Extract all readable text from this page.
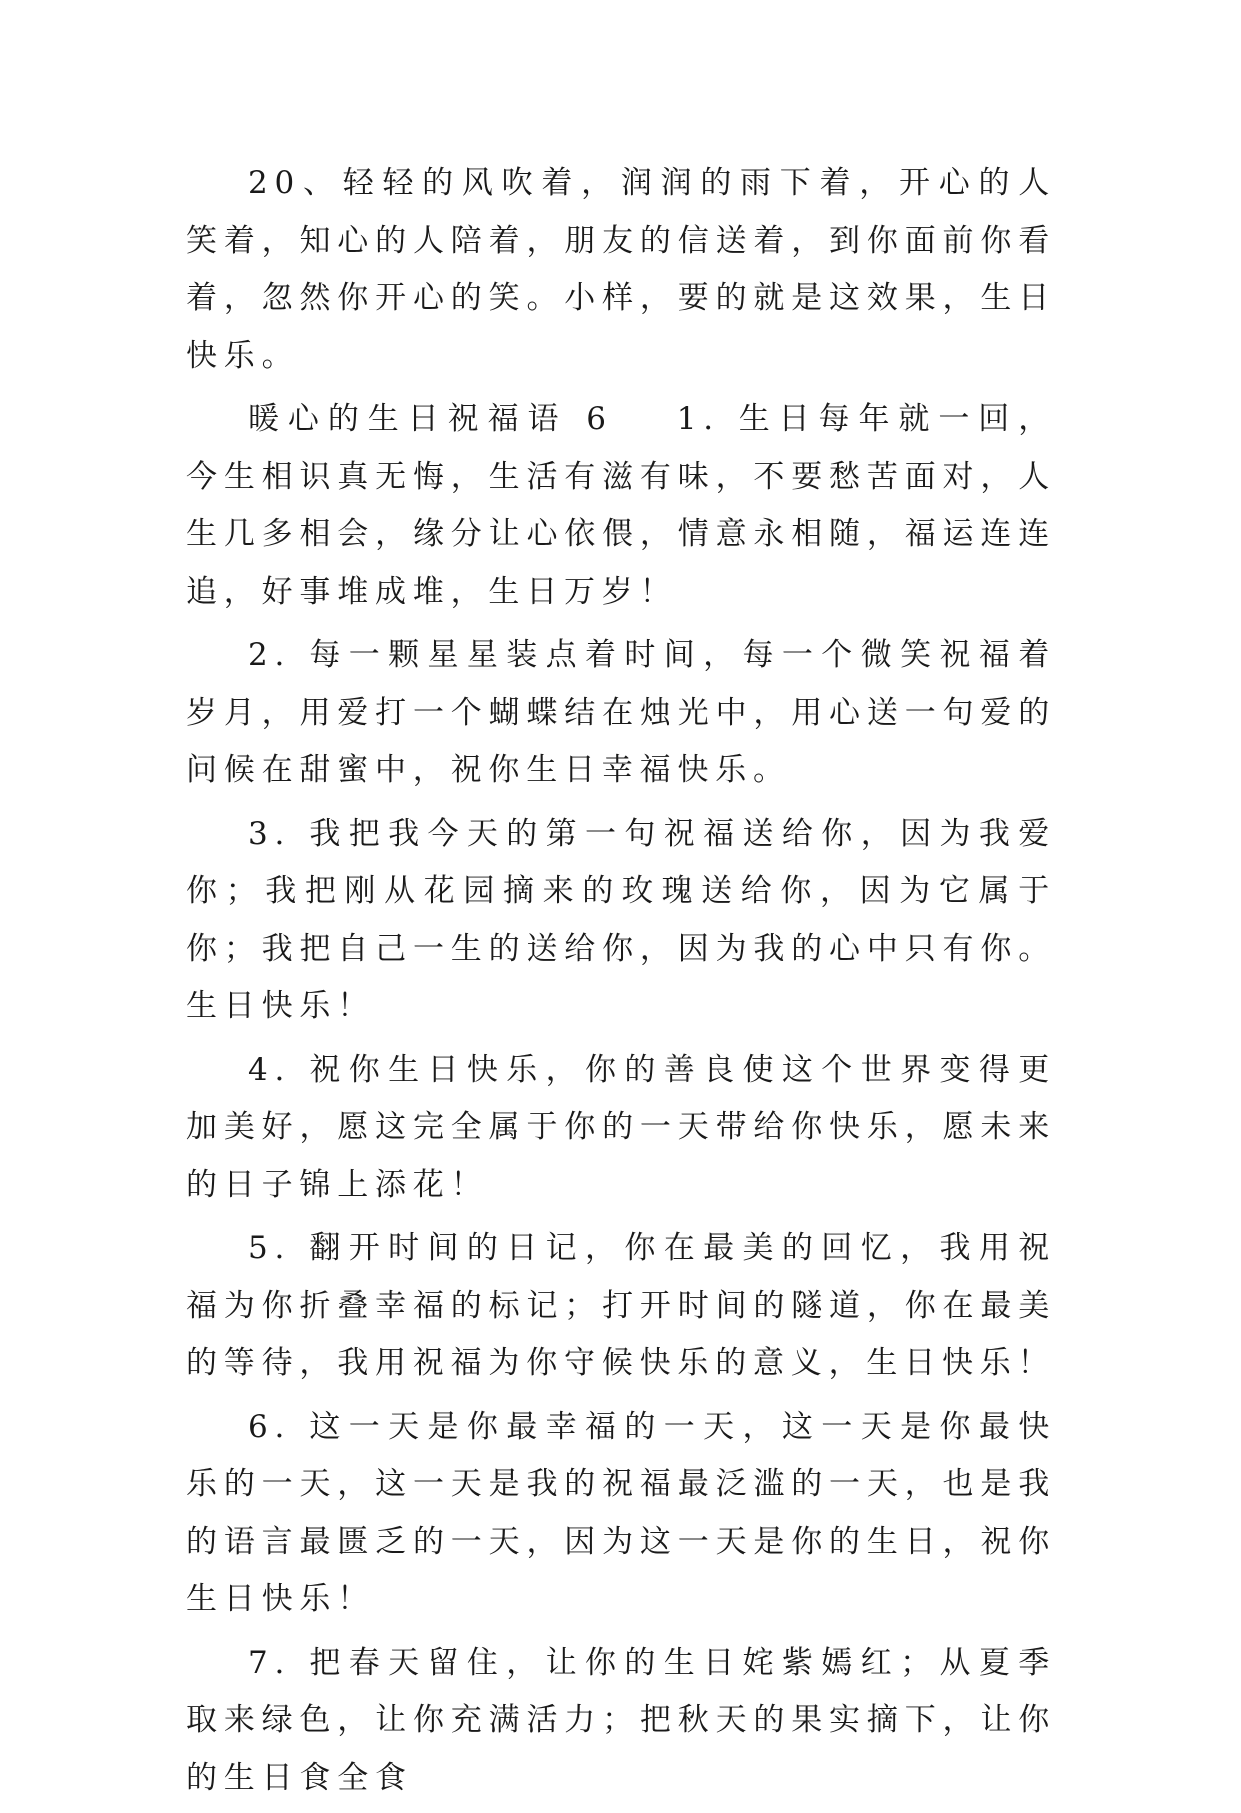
20、轻轻的风吹着，润润的雨下着，开心的人笑着，知心的人陪着，朋友的信送着，到你面前你看着，忽然你开心的笑。小样，要的就是这效果，生日快乐。

暖心的生日祝福语 6 1. 生日每年就一回，今生相识真无悔，生活有滋有味，不要愁苦面对，人生几多相会，缘分让心依偎，情意永相随，福运连连追，好事堆成堆，生日万岁！

2. 每一颗星星装点着时间，每一个微笑祝福着岁月，用爱打一个蝴蝶结在烛光中，用心送一句爱的问候在甜蜜中，祝你生日幸福快乐。

3. 我把我今天的第一句祝福送给你，因为我爱你；我把刚从花园摘来的玫瑰送给你，因为它属于你；我把自己一生的送给你，因为我的心中只有你。生日快乐！

4. 祝你生日快乐，你的善良使这个世界变得更加美好，愿这完全属于你的一天带给你快乐，愿未来的日子锦上添花！

5. 翻开时间的日记，你在最美的回忆，我用祝福为你折叠幸福的标记；打开时间的隧道，你在最美的等待，我用祝福为你守候快乐的意义，生日快乐！

6. 这一天是你最幸福的一天，这一天是你最快乐的一天，这一天是我的祝福最泛滥的一天，也是我的语言最匮乏的一天，因为这一天是你的生日，祝你生日快乐！

7. 把春天留住，让你的生日姹紫嫣红；从夏季取来绿色，让你充满活力；把秋天的果实摘下，让你的生日食全食
